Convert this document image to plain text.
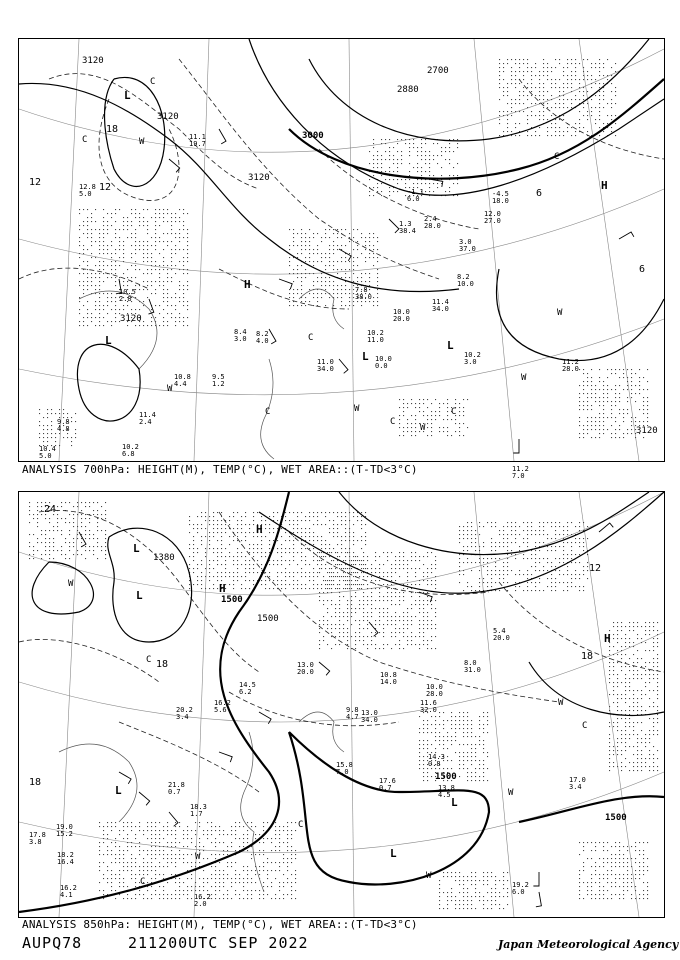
12.8
5.0
11.1
19.7
10.5
2.8
9.5
1.2
10.8
4.4
11.4
2.4
9.8
4.8
10.4
5.0
10.2
6.8
8.4
3.0
8.2
4.0
11.0
34.0
10.2
11.0
10.0
0.0
7.8
38.0
10.0
20.0
11.4
34.0
8.2
10.0
10.2
3.0	11.2
28.0
11.2
7.0
1.3
38.4
2.4
28.0
3.0
37.0
-4.5
18.0
-1.1
6.0
12.0
27.0
3120
3120
3120
3120
3120
3000
2880
2700
12	12
18
6
6
L
L
H
H
L
L
W
C
C
W
C
C
W
W
C
W
C
W
C
ANALYSIS 700hPa: HEIGHT(M), TEMP(°C), WET AREA::(T-TD<3°C)
17.8
3.8
19.0
15.2
18.2
16.4
16.2
4.1
21.8
0.7
18.3
1.7
16.2
2.0
15.8
7.0
17.6
0.7
19.2
6.0
17.0
3.4
13.0
34.0
11.6
32.0
10.0
28.0
8.0
31.0
5.4
20.0
20.2
3.4
16.2
5.6
14.5
6.2
13.0
20.0
9.8
4.7
10.8
14.0
14.3
0.8
13.8
4.5
1500
1500
1500
1380
1500
24
18
18
18
12
L
L
H
H
H
L
L
L
W
C
W
C
W
C
W
W
C
ANALYSIS 850hPa: HEIGHT(M), TEMP(°C), WET AREA::(T-TD<3°C)
AUPQ78	211200UTC SEP 2022	Japan Meteorological Agency
